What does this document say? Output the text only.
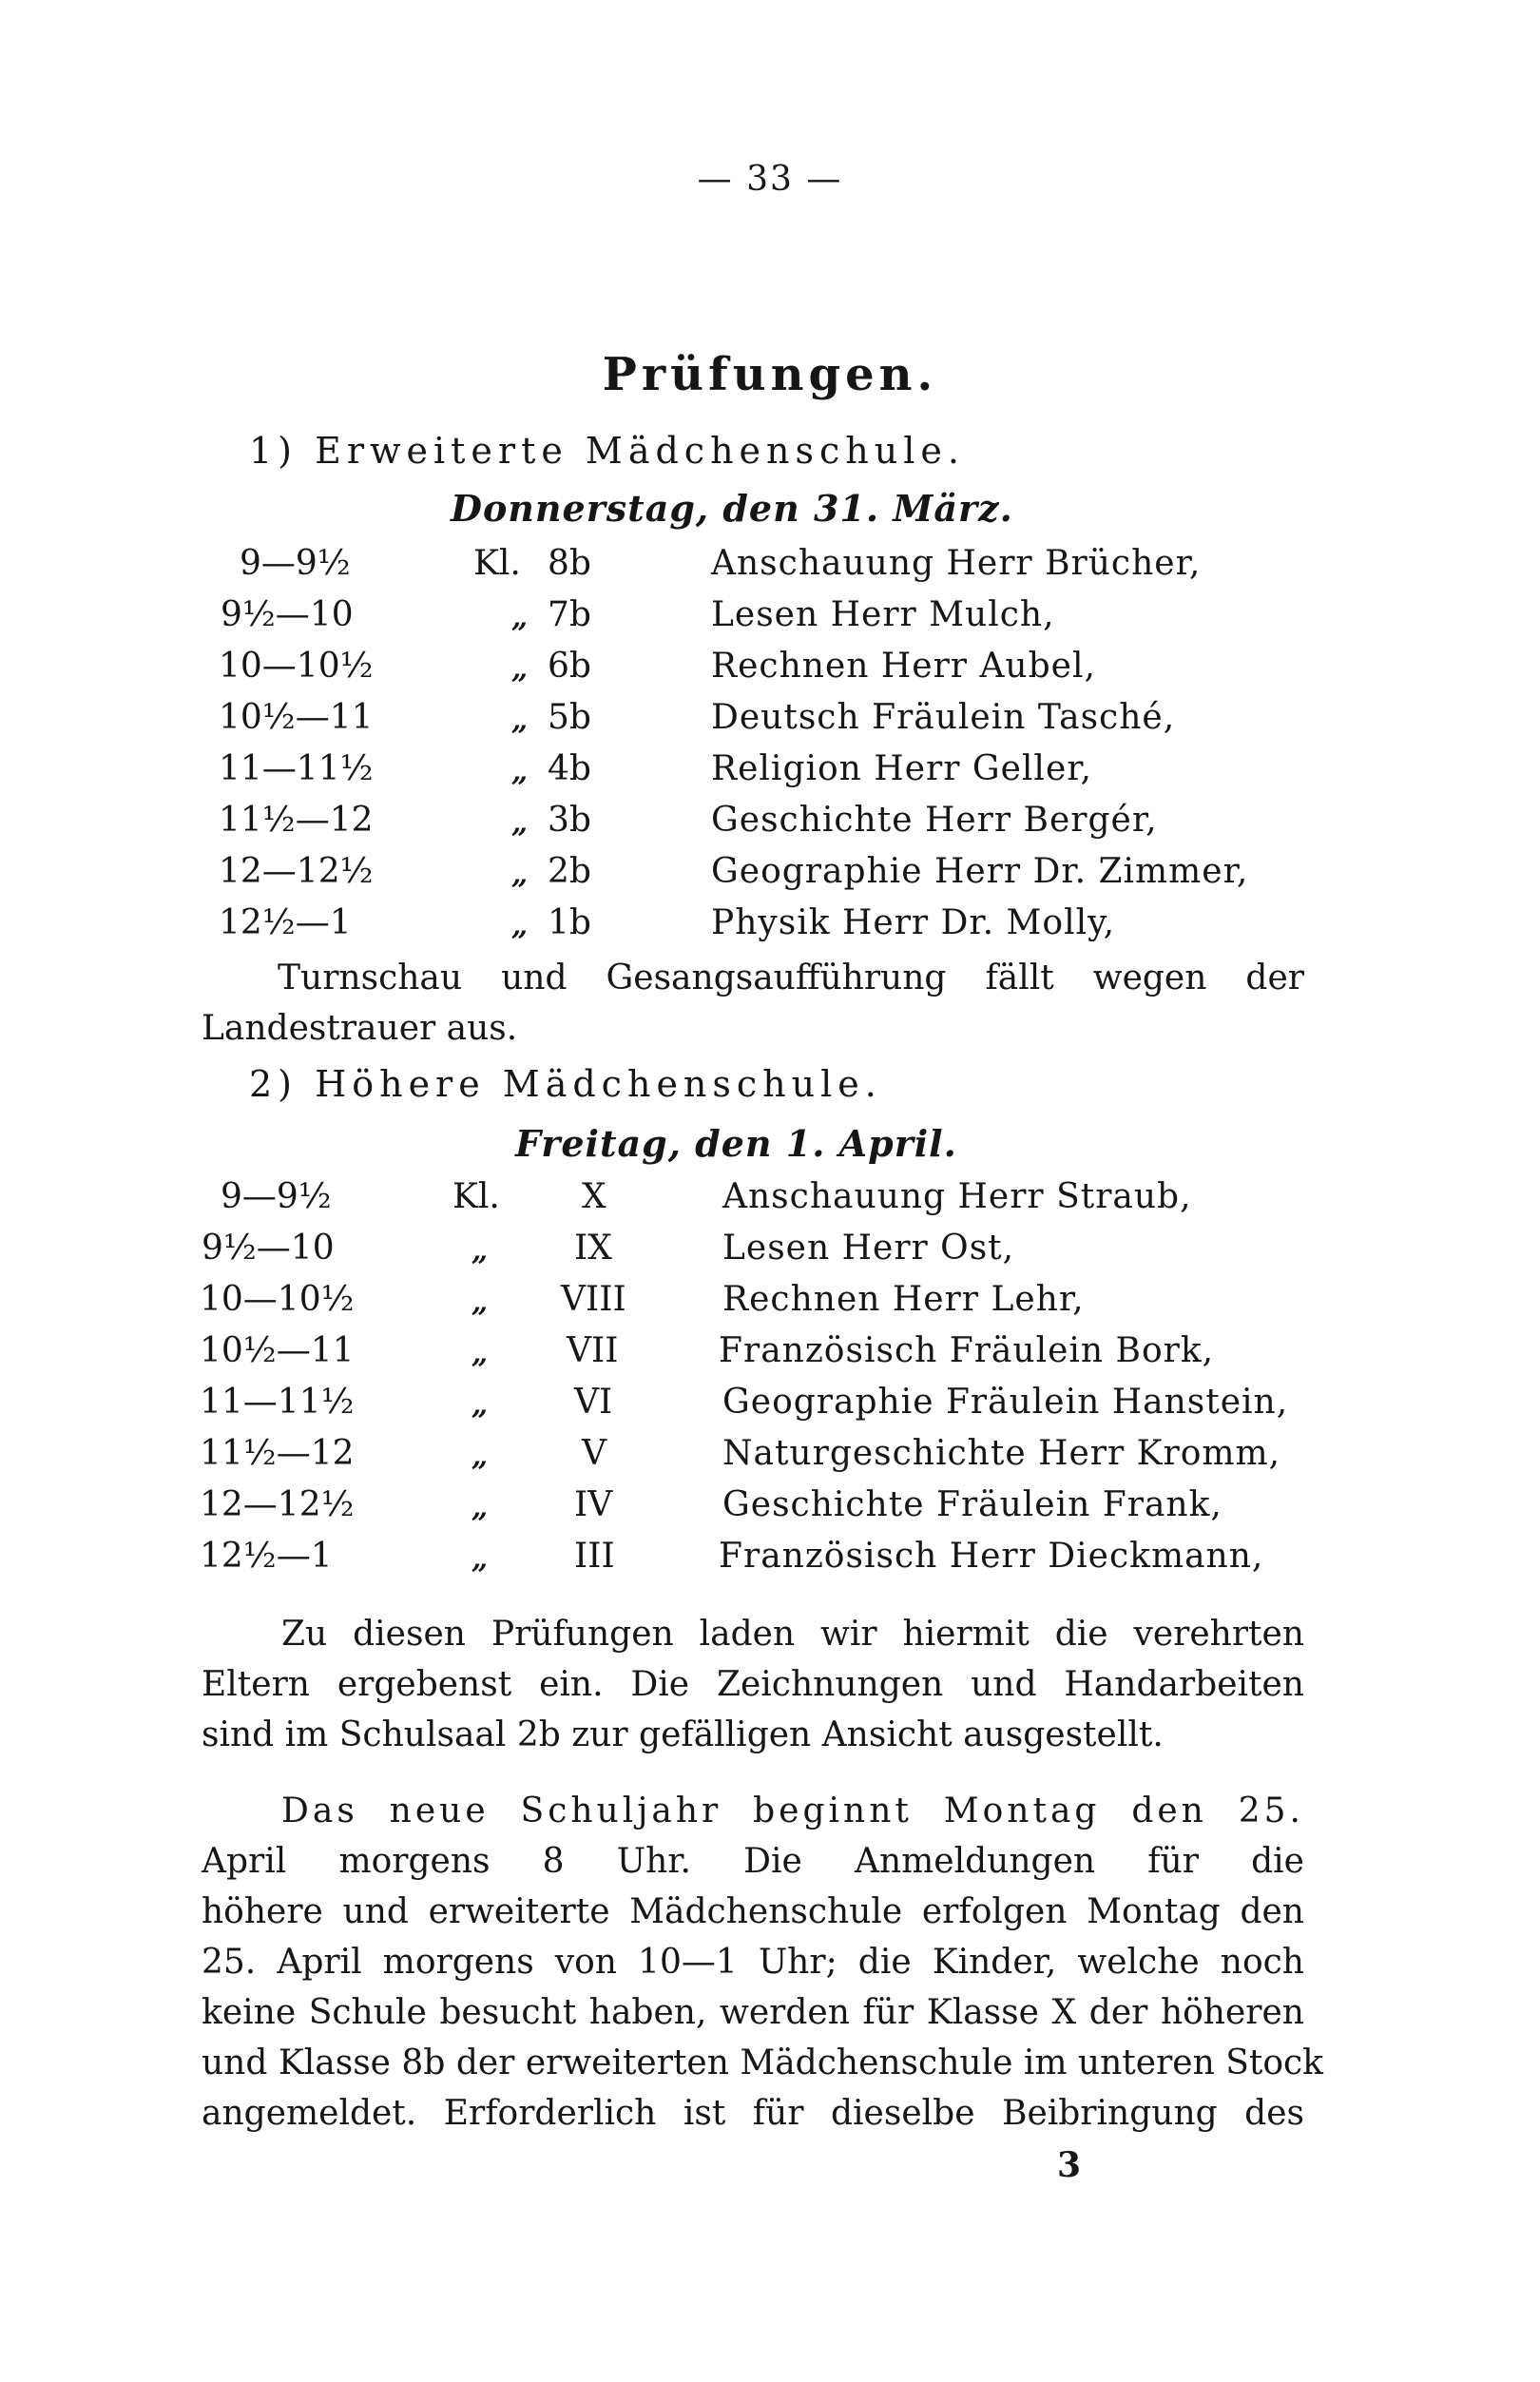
— 33 —
Prüfungen.
1) Erweiterte Mädchenschule.
Donnerstag, den 31. März.
9—9½	Kl. 8b	Anschauung Herr Brücher,
9½—10	„ 7b	Lesen Herr Mulch,
10—10½	„ 6b	Rechnen Herr Aubel,
10½—11	„ 5b	Deutsch Fräulein Tasché,
11—11½	„ 4b	Religion Herr Geller,
11½—12	„ 3b	Geschichte Herr Bergér,
12—12½	„ 2b	Geographie Herr Dr. Zimmer,
12½—1	„ 1b	Physik Herr Dr. Molly,
Turnschau und Gesangsaufführung fällt wegen der
Landestrauer aus.
2) Höhere Mädchenschule.
Freitag, den 1. April.
9—9½	Kl. X	Anschauung Herr Straub,
9½—10	„	IX	Lesen Herr Ost,
10—10½	„ VIII	Rechnen Herr Lehr,
10½—11	„ VII	Französisch Fräulein Bork,
11—11½	„	VI	Geographie Fräulein Hanstein,
11½—12	„	V	Naturgeschichte Herr Kromm,
12—12½	„	IV	Geschichte Fräulein Frank,
12½—1	„	III	Französisch Herr Dieckmann,
Zu diesen Prüfungen laden wir hiermit die verehrten
Eltern ergebenst ein. Die Zeichnungen und Handarbeiten
sind im Schulsaal 2b zur gefälligen Ansicht ausgestellt.
Das neue Schuljahr beginnt Montag den 25.
April morgens 8 Uhr. Die Anmeldungen für die
höhere und erweiterte Mädchenschule erfolgen Montag den
25. April morgens von 10—1 Uhr; die Kinder, welche noch
keine Schule besucht haben, werden für Klasse X der höheren
und Klasse 8b der erweiterten Mädchenschule im unteren Stock
angemeldet. Erforderlich ist für dieselbe Beibringung des
3
